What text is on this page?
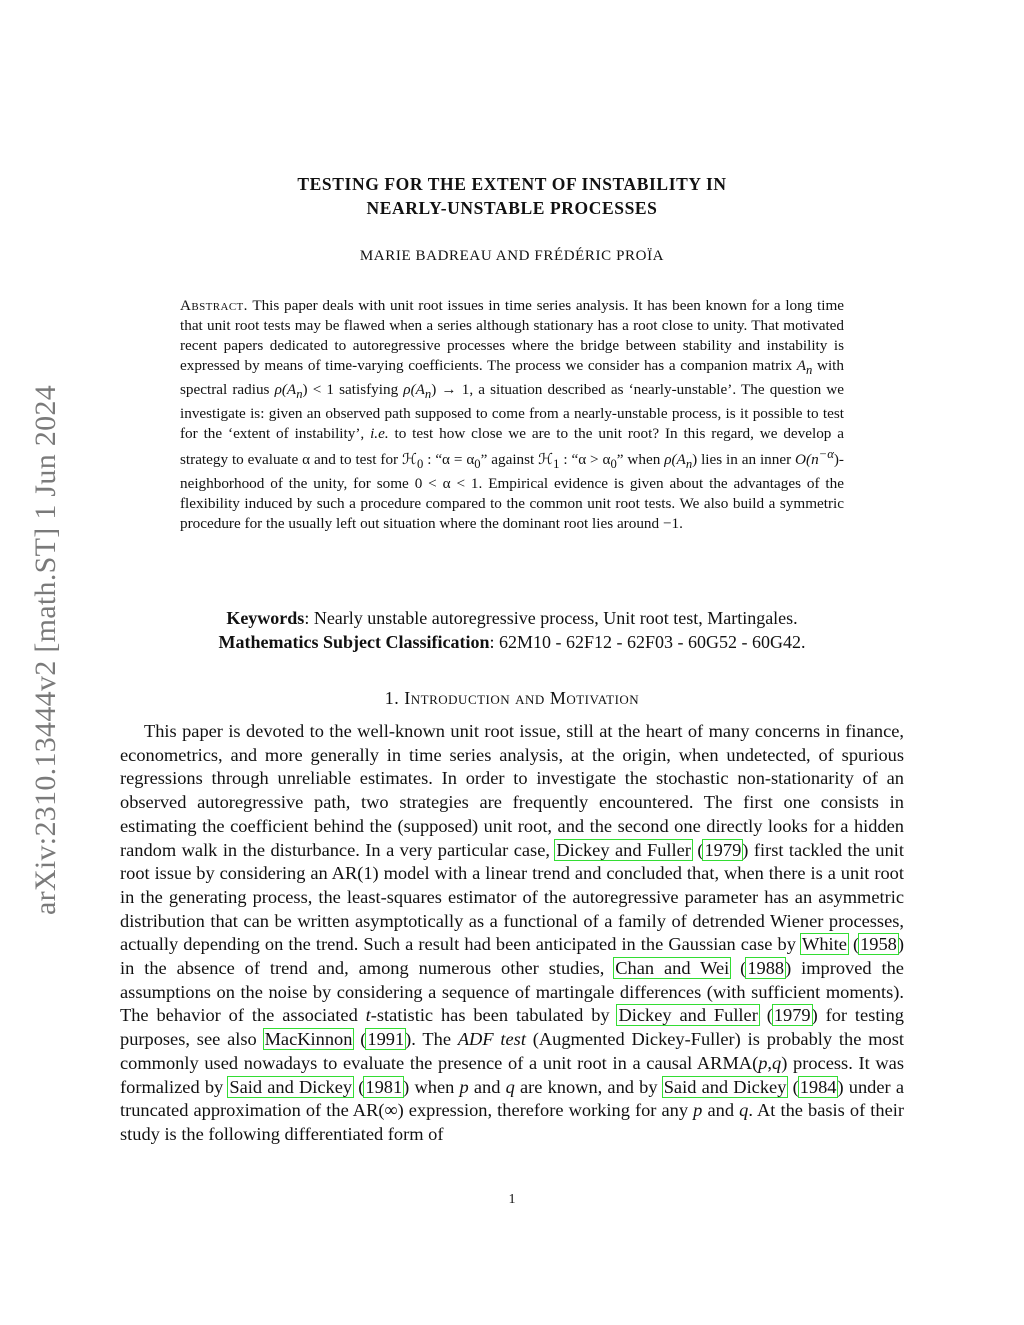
arXiv:2310.13444v2 [math.ST] 1 Jun 2024
TESTING FOR THE EXTENT OF INSTABILITY IN
NEARLY-UNSTABLE PROCESSES
MARIE BADREAU AND FRÉDÉRIC PROÏA
Abstract. This paper deals with unit root issues in time series analysis. It has been known for a long time that unit root tests may be flawed when a series although stationary has a root close to unity. That motivated recent papers dedicated to autoregressive processes where the bridge between stability and instability is expressed by means of time-varying coefficients. The process we consider has a companion matrix $A_n$ with spectral radius $\rho(A_n) < 1$ satisfying $\rho(A_n) \to 1$, a situation described as ‘nearly-unstable’. The question we investigate is: given an observed path supposed to come from a nearly-unstable process, is it possible to test for the ‘extent of instability’, i.e. to test how close we are to the unit root? In this regard, we develop a strategy to evaluate α and to test for ℋ$_0$ : “$\alpha = \alpha_0$” against ℋ$_1$ : “$\alpha > \alpha_0$” when $\rho(A_n)$ lies in an inner $O(n^{-\alpha})$-neighborhood of the unity, for some 0 < α < 1. Empirical evidence is given about the advantages of the flexibility induced by such a procedure compared to the common unit root tests. We also build a symmetric procedure for the usually left out situation where the dominant root lies around −1.
Keywords: Nearly unstable autoregressive process, Unit root test, Martingales.
Mathematics Subject Classification: 62M10 - 62F12 - 62F03 - 60G52 - 60G42.
1. Introduction and Motivation
This paper is devoted to the well-known unit root issue, still at the heart of many concerns in finance, econometrics, and more generally in time series analysis, at the origin, when undetected, of spurious regressions through unreliable estimates. In order to investigate the stochastic non-stationarity of an observed autoregressive path, two strategies are frequently encountered. The first one consists in estimating the coefficient behind the (supposed) unit root, and the second one directly looks for a hidden random walk in the disturbance. In a very particular case, Dickey and Fuller (1979) first tackled the unit root issue by considering an AR(1) model with a linear trend and concluded that, when there is a unit root in the generating process, the least-squares estimator of the autoregressive parameter has an asymmetric distribution that can be written asymptotically as a functional of a family of detrended Wiener processes, actually depending on the trend. Such a result had been anticipated in the Gaussian case by White (1958) in the absence of trend and, among numerous other studies, Chan and Wei (1988) improved the assumptions on the noise by considering a sequence of martingale differences (with sufficient moments). The behavior of the associated t-statistic has been tabulated by Dickey and Fuller (1979) for testing purposes, see also MacKinnon (1991). The ADF test (Augmented Dickey-Fuller) is probably the most commonly used nowadays to evaluate the presence of a unit root in a causal ARMA(p,q) process. It was formalized by Said and Dickey (1981) when p and q are known, and by Said and Dickey (1984) under a truncated approximation of the AR(∞) expression, therefore working for any p and q. At the basis of their study is the following differentiated form of
1
